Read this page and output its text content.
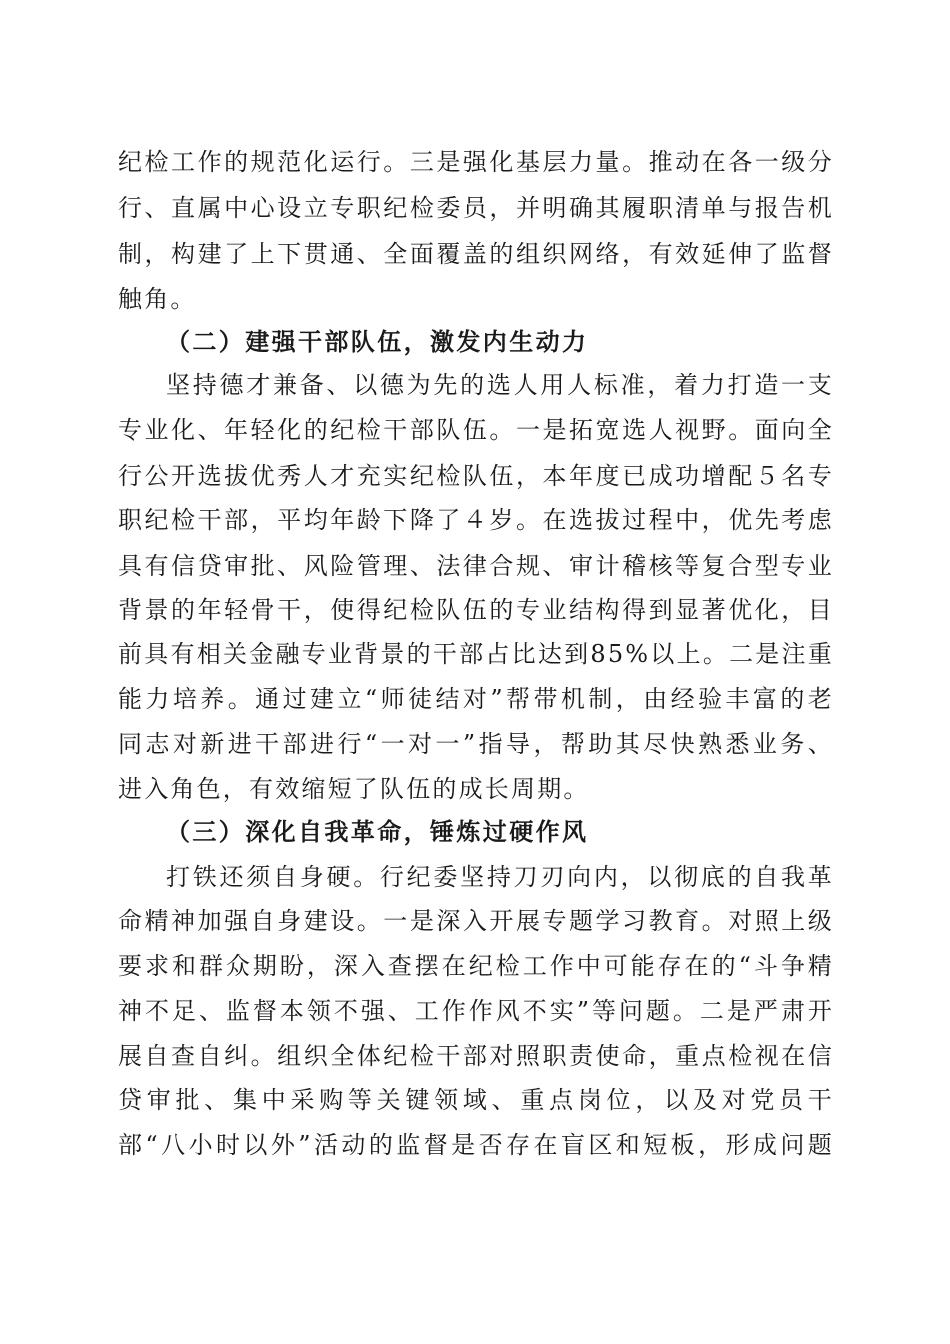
纪检工作的规范化运行。三是强化基层力量。推动在各一级分
行、直属中心设立专职纪检委员，并明确其履职清单与报告机
制，构建了上下贯通、全面覆盖的组织网络，有效延伸了监督
触角。
（二）建强干部队伍，激发内生动力
坚持德才兼备、以德为先的选人用人标准，着力打造一支
专业化、年轻化的纪检干部队伍。一是拓宽选人视野。面向全
行公开选拔优秀人才充实纪检队伍，本年度已成功增配５名专
职纪检干部，平均年龄下降了４岁。在选拔过程中，优先考虑
具有信贷审批、风险管理、法律合规、审计稽核等复合型专业
背景的年轻骨干，使得纪检队伍的专业结构得到显著优化，目
前具有相关金融专业背景的干部占比达到85%以上。二是注重
能力培养。通过建立“师徒结对”帮带机制，由经验丰富的老
同志对新进干部进行“一对一”指导，帮助其尽快熟悉业务、
进入角色，有效缩短了队伍的成长周期。
（三）深化自我革命，锤炼过硬作风
打铁还须自身硬。行纪委坚持刀刃向内，以彻底的自我革
命精神加强自身建设。一是深入开展专题学习教育。对照上级
要求和群众期盼，深入查摆在纪检工作中可能存在的“斗争精
神不足、监督本领不强、工作作风不实”等问题。二是严肃开
展自查自纠。组织全体纪检干部对照职责使命，重点检视在信
贷审批、集中采购等关键领域、重点岗位，以及对党员干
部“八小时以外”活动的监督是否存在盲区和短板，形成问题
